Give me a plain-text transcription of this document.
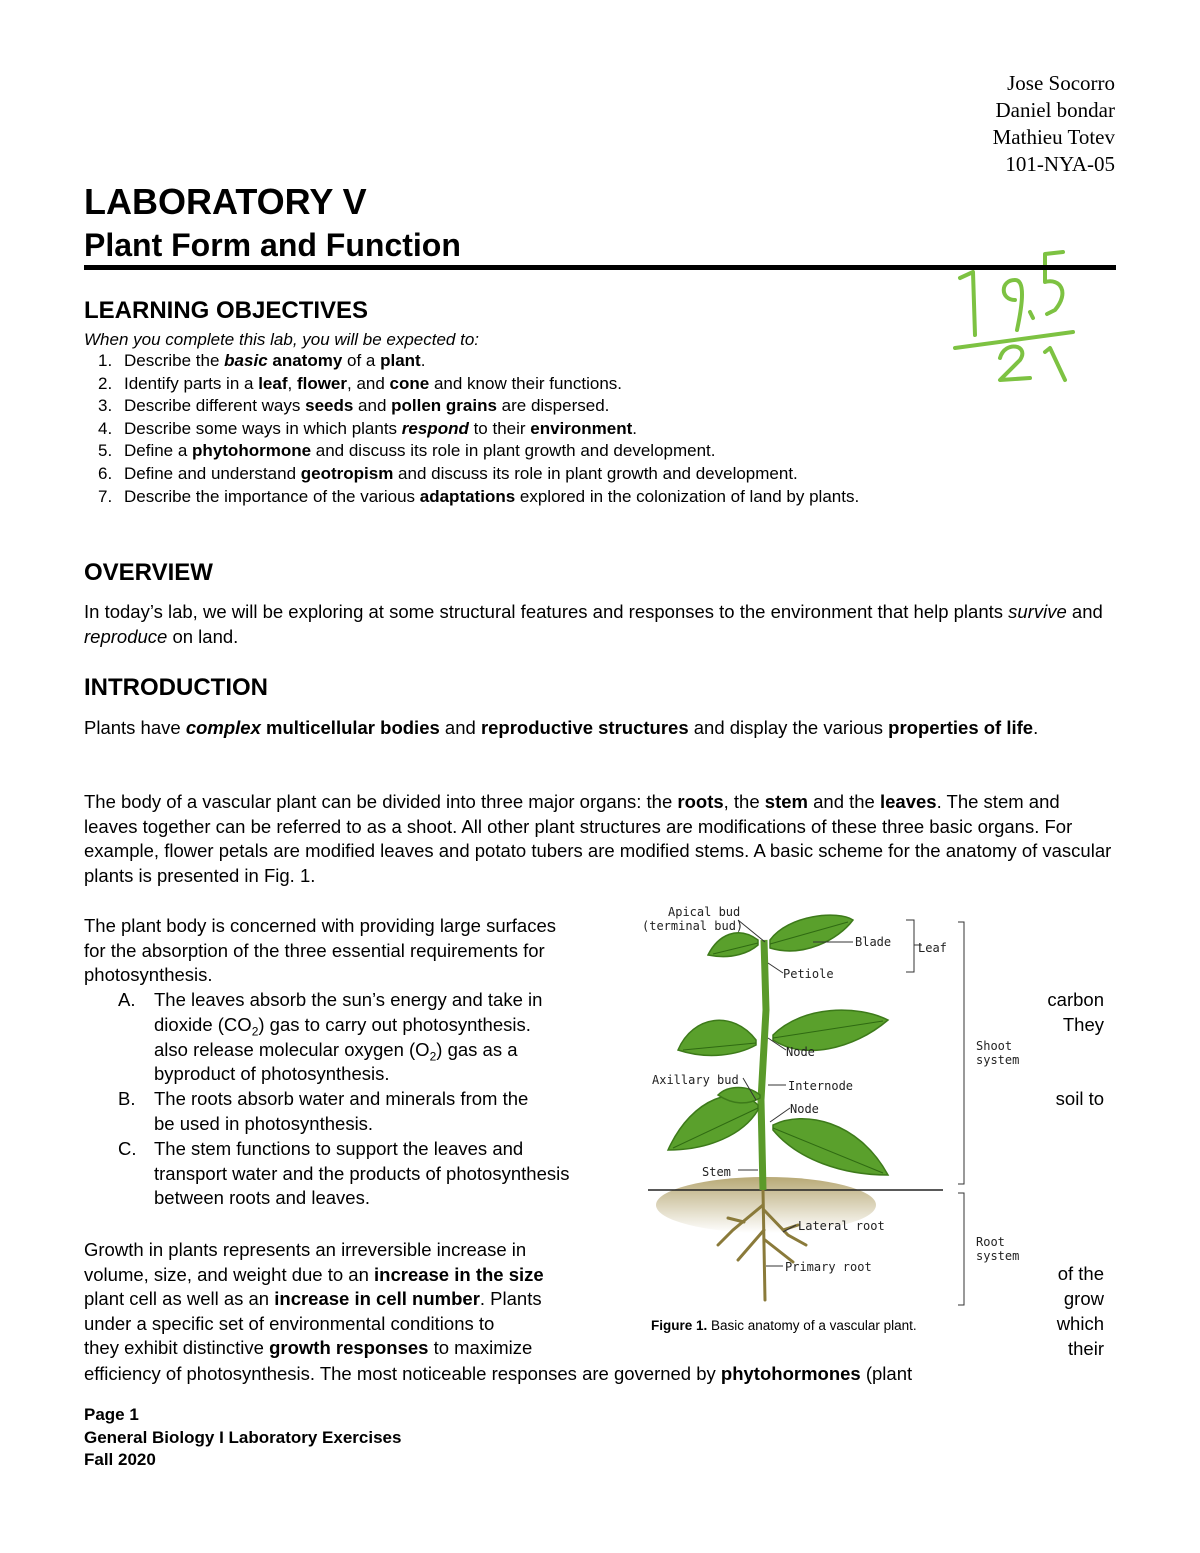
Jose Socorro
Daniel bondar
Mathieu Totev
101-NYA-05
LABORATORY V
Plant Form and Function
LEARNING OBJECTIVES
When you complete this lab, you will be expected to:
1. Describe the basic anatomy of a plant.
2. Identify parts in a leaf, flower, and cone and know their functions.
3. Describe different ways seeds and pollen grains are dispersed.
4. Describe some ways in which plants respond to their environment.
5. Define a phytohormone and discuss its role in plant growth and development.
6. Define and understand geotropism and discuss its role in plant growth and development.
7. Describe the importance of the various adaptations explored in the colonization of land by plants.
OVERVIEW
In today’s lab, we will be exploring at some structural features and responses to the environment that help plants survive and reproduce on land.
INTRODUCTION
Plants have complex multicellular bodies and reproductive structures and display the various properties of life.
The body of a vascular plant can be divided into three major organs: the roots, the stem and the leaves. The stem and leaves together can be referred to as a shoot. All other plant structures are modifications of these three basic organs. For example, flower petals are modified leaves and potato tubers are modified stems. A basic scheme for the anatomy of vascular plants is presented in Fig. 1.
The plant body is concerned with providing large surfaces for the absorption of the three essential requirements for photosynthesis.
A. The leaves absorb the sun’s energy and take in
dioxide $(CO_2)$ gas to carry out photosynthesis.
also release molecular oxygen $(O_2)$ gas as a
byproduct of photosynthesis.
B. The roots absorb water and minerals from the
be used in photosynthesis.
C. The stem functions to support the leaves and transport water and the products of photosynthesis between roots and leaves.
carbon
They
soil to
Growth in plants represents an irreversible increase in
volume, size, and weight due to an increase in the size
plant cell as well as an increase in cell number. Plants
under a specific set of environmental conditions to
they exhibit distinctive growth responses to maximize
efficiency of photosynthesis. The most noticeable responses are governed by phytohormones (plant
of the
grow
which
their
Apical bud
(terminal bud)
Blade Leaf
Petiole
Node	Shoot
system
Axillary bud	Internode
Node
Stem
Lateral root
Root
system
Primary root
Figure 1. Basic anatomy of a vascular plant.
Page 1
General Biology I Laboratory Exercises
Fall 2020
